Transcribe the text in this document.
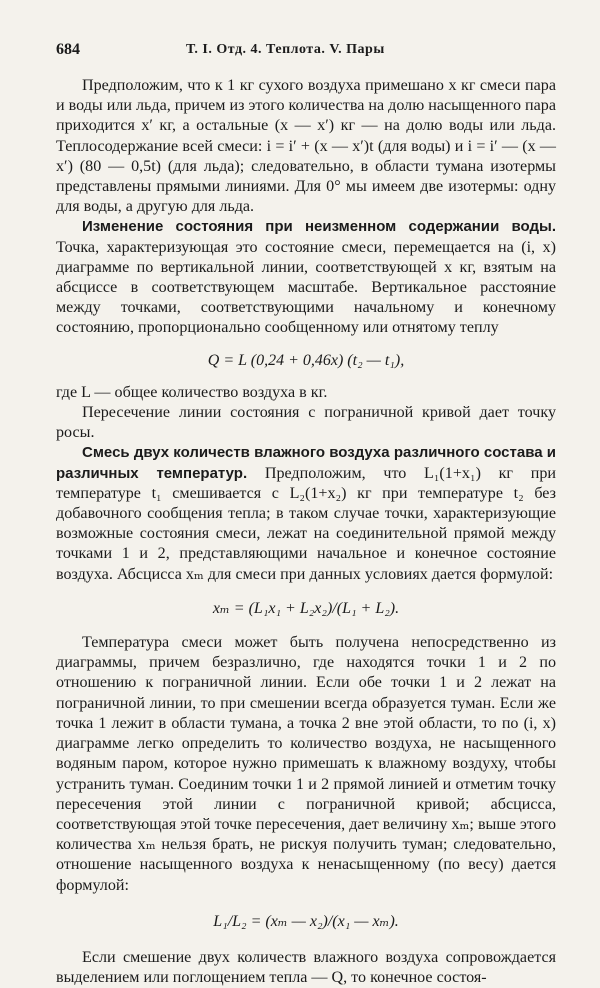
684	Т. I. Отд. 4. Теплота. V. Пары

Предположим, что к 1 кг сухого воздуха примешано x кг смеси пара и воды или льда, причем из этого количества на долю насыщенного пара приходится x′ кг, а остальные (x — x′) кг — на долю воды или льда. Теплосодержание всей смеси: i = i′ + (x — x′)t (для воды) и i = i′ — (x — x′) (80 — 0,5t) (для льда); следовательно, в области тумана изотермы представлены прямыми линиями. Для 0° мы имеем две изотермы: одну для воды, а другую для льда.

Изменение состояния при неизменном содержании воды. Точка, характеризующая это состояние смеси, перемещается на (i, x) диаграмме по вертикальной линии, соответствующей x кг, взятым на абсциссе в соответствующем масштабе. Вертикальное расстояние между точками, соответствующими начальному и конечному состоянию, пропорционально сообщенному или отнятому теплу

Q = L (0,24 + 0,46x) (t₂ — t₁),

где L — общее количество воздуха в кг.

Пересечение линии состояния с пограничной кривой дает точку росы.

Смесь двух количеств влажного воздуха различного состава и различных температур. Предположим, что L₁(1+x₁) кг при температуре t₁ смешивается с L₂(1+x₂) кг при температуре t₂ без добавочного сообщения тепла; в таком случае точки, характеризующие возможные состояния смеси, лежат на соединительной прямой между точками 1 и 2, представляющими начальное и конечное состояние воздуха. Абсцисса xₘ для смеси при данных условиях дается формулой:

xₘ = (L₁x₁ + L₂x₂)/(L₁ + L₂).

Температура смеси может быть получена непосредственно из диаграммы, причем безразлично, где находятся точки 1 и 2 по отношению к пограничной линии. Если обе точки 1 и 2 лежат на пограничной линии, то при смешении всегда образуется туман. Если же точка 1 лежит в области тумана, а точка 2 вне этой области, то по (i, x) диаграмме легко определить то количество воздуха, не насыщенного водяным паром, которое нужно примешать к влажному воздуху, чтобы устранить туман. Соединим точки 1 и 2 прямой линией и отметим точку пересечения этой линии с пограничной кривой; абсцисса, соответствующая этой точке пересечения, дает величину xₘ; выше этого количества xₘ нельзя брать, не рискуя получить туман; следовательно, отношение насыщенного воздуха к ненасыщенному (по весу) дается формулой:

L₁/L₂ = (xₘ — x₂)/(x₁ — xₘ).

Если смешение двух количеств влажного воздуха сопровождается выделением или поглощением тепла — Q, то конечное состоя-
